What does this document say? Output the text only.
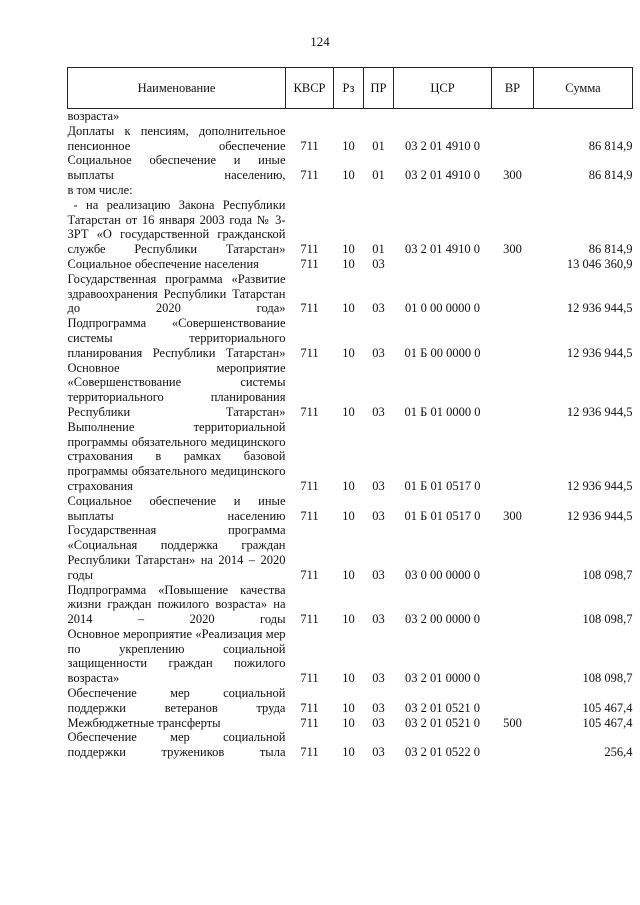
124
Наименование	КВСР	Рз	ПР	ЦСР	ВР	Сумма
возраста»						
Доплаты к пенсиям, дополнительное пенсионное обеспечение	711	10	01	03 2 01 4910 0		86 814,9
Социальное обеспечение и иные выплаты населению,	711	10	01	03 2 01 4910 0	300	86 814,9
в том числе:						
- на реализацию Закона Республики Татарстан от 16 января 2003 года № 3-ЗРТ «О государственной гражданской службе Республики Татарстан»	711	10	01	03 2 01 4910 0	300	86 814,9
Социальное обеспечение населения	711	10	03			13 046 360,9
Государственная программа «Развитие здравоохранения Республики Татарстан до 2020 года»	711	10	03	01 0 00 0000 0		12 936 944,5
Подпрограмма «Совершенствование системы территориального планирования Республики Татарстан»	711	10	03	01 Б 00 0000 0		12 936 944,5
Основное мероприятие «Совершенствование системы территориального планирования Республики Татарстан»	711	10	03	01 Б 01 0000 0		12 936 944,5
Выполнение территориальной программы обязательного медицинского страхования в рамках базовой программы обязательного медицинского страхования	711	10	03	01 Б 01 0517 0		12 936 944,5
Социальное обеспечение и иные выплаты населению	711	10	03	01 Б 01 0517 0	300	12 936 944,5
Государственная программа «Социальная поддержка граждан Республики Татарстан» на 2014 – 2020 годы	711	10	03	03 0 00 0000 0		108 098,7
Подпрограмма «Повышение качества жизни граждан пожилого возраста» на 2014 – 2020 годы	711	10	03	03 2 00 0000 0		108 098,7
Основное мероприятие «Реализация мер по укреплению социальной защищенности граждан пожилого возраста»	711	10	03	03 2 01 0000 0		108 098,7
Обеспечение мер социальной поддержки ветеранов труда	711	10	03	03 2 01 0521 0		105 467,4
Межбюджетные трансферты	711	10	03	03 2 01 0521 0	500	105 467,4
Обеспечение мер социальной поддержки тружеников тыла	711	10	03	03 2 01 0522 0		256,4
